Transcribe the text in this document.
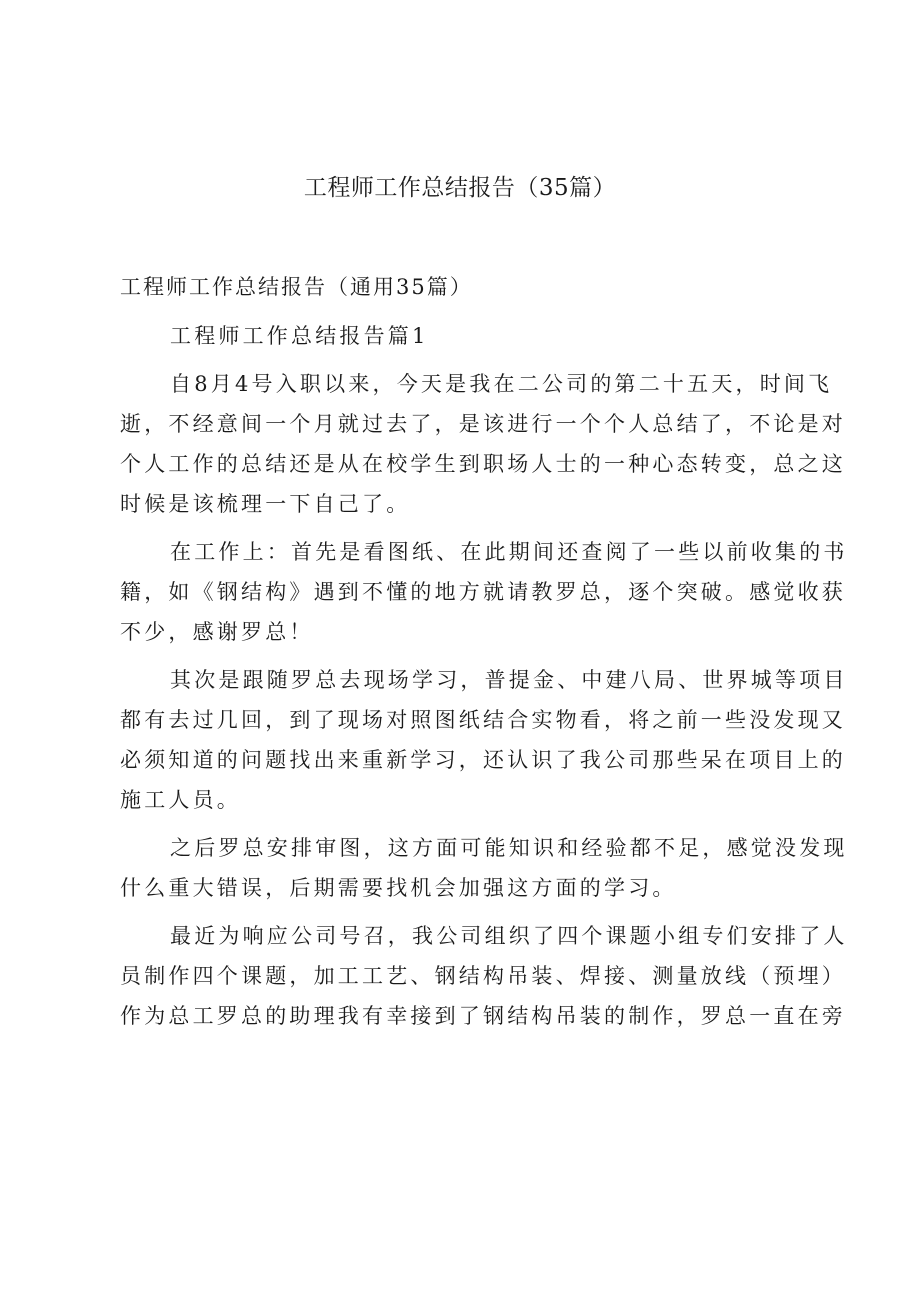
工程师工作总结报告（35篇）
工程师工作总结报告（通用35篇）

工程师工作总结报告篇1

自8月4号入职以来，今天是我在二公司的第二十五天，时间飞
逝，不经意间一个月就过去了，是该进行一个个人总结了，不论是对
个人工作的总结还是从在校学生到职场人士的一种心态转变，总之这
时候是该梳理一下自己了。

在工作上：首先是看图纸、在此期间还查阅了一些以前收集的书
籍，如《钢结构》遇到不懂的地方就请教罗总，逐个突破。感觉收获
不少，感谢罗总！

其次是跟随罗总去现场学习，普提金、中建八局、世界城等项目
都有去过几回，到了现场对照图纸结合实物看，将之前一些没发现又
必须知道的问题找出来重新学习，还认识了我公司那些呆在项目上的
施工人员。

之后罗总安排审图，这方面可能知识和经验都不足，感觉没发现
什么重大错误，后期需要找机会加强这方面的学习。

最近为响应公司号召，我公司组织了四个课题小组专们安排了人
员制作四个课题，加工工艺、钢结构吊装、焊接、测量放线（预埋）
作为总工罗总的助理我有幸接到了钢结构吊装的制作，罗总一直在旁
